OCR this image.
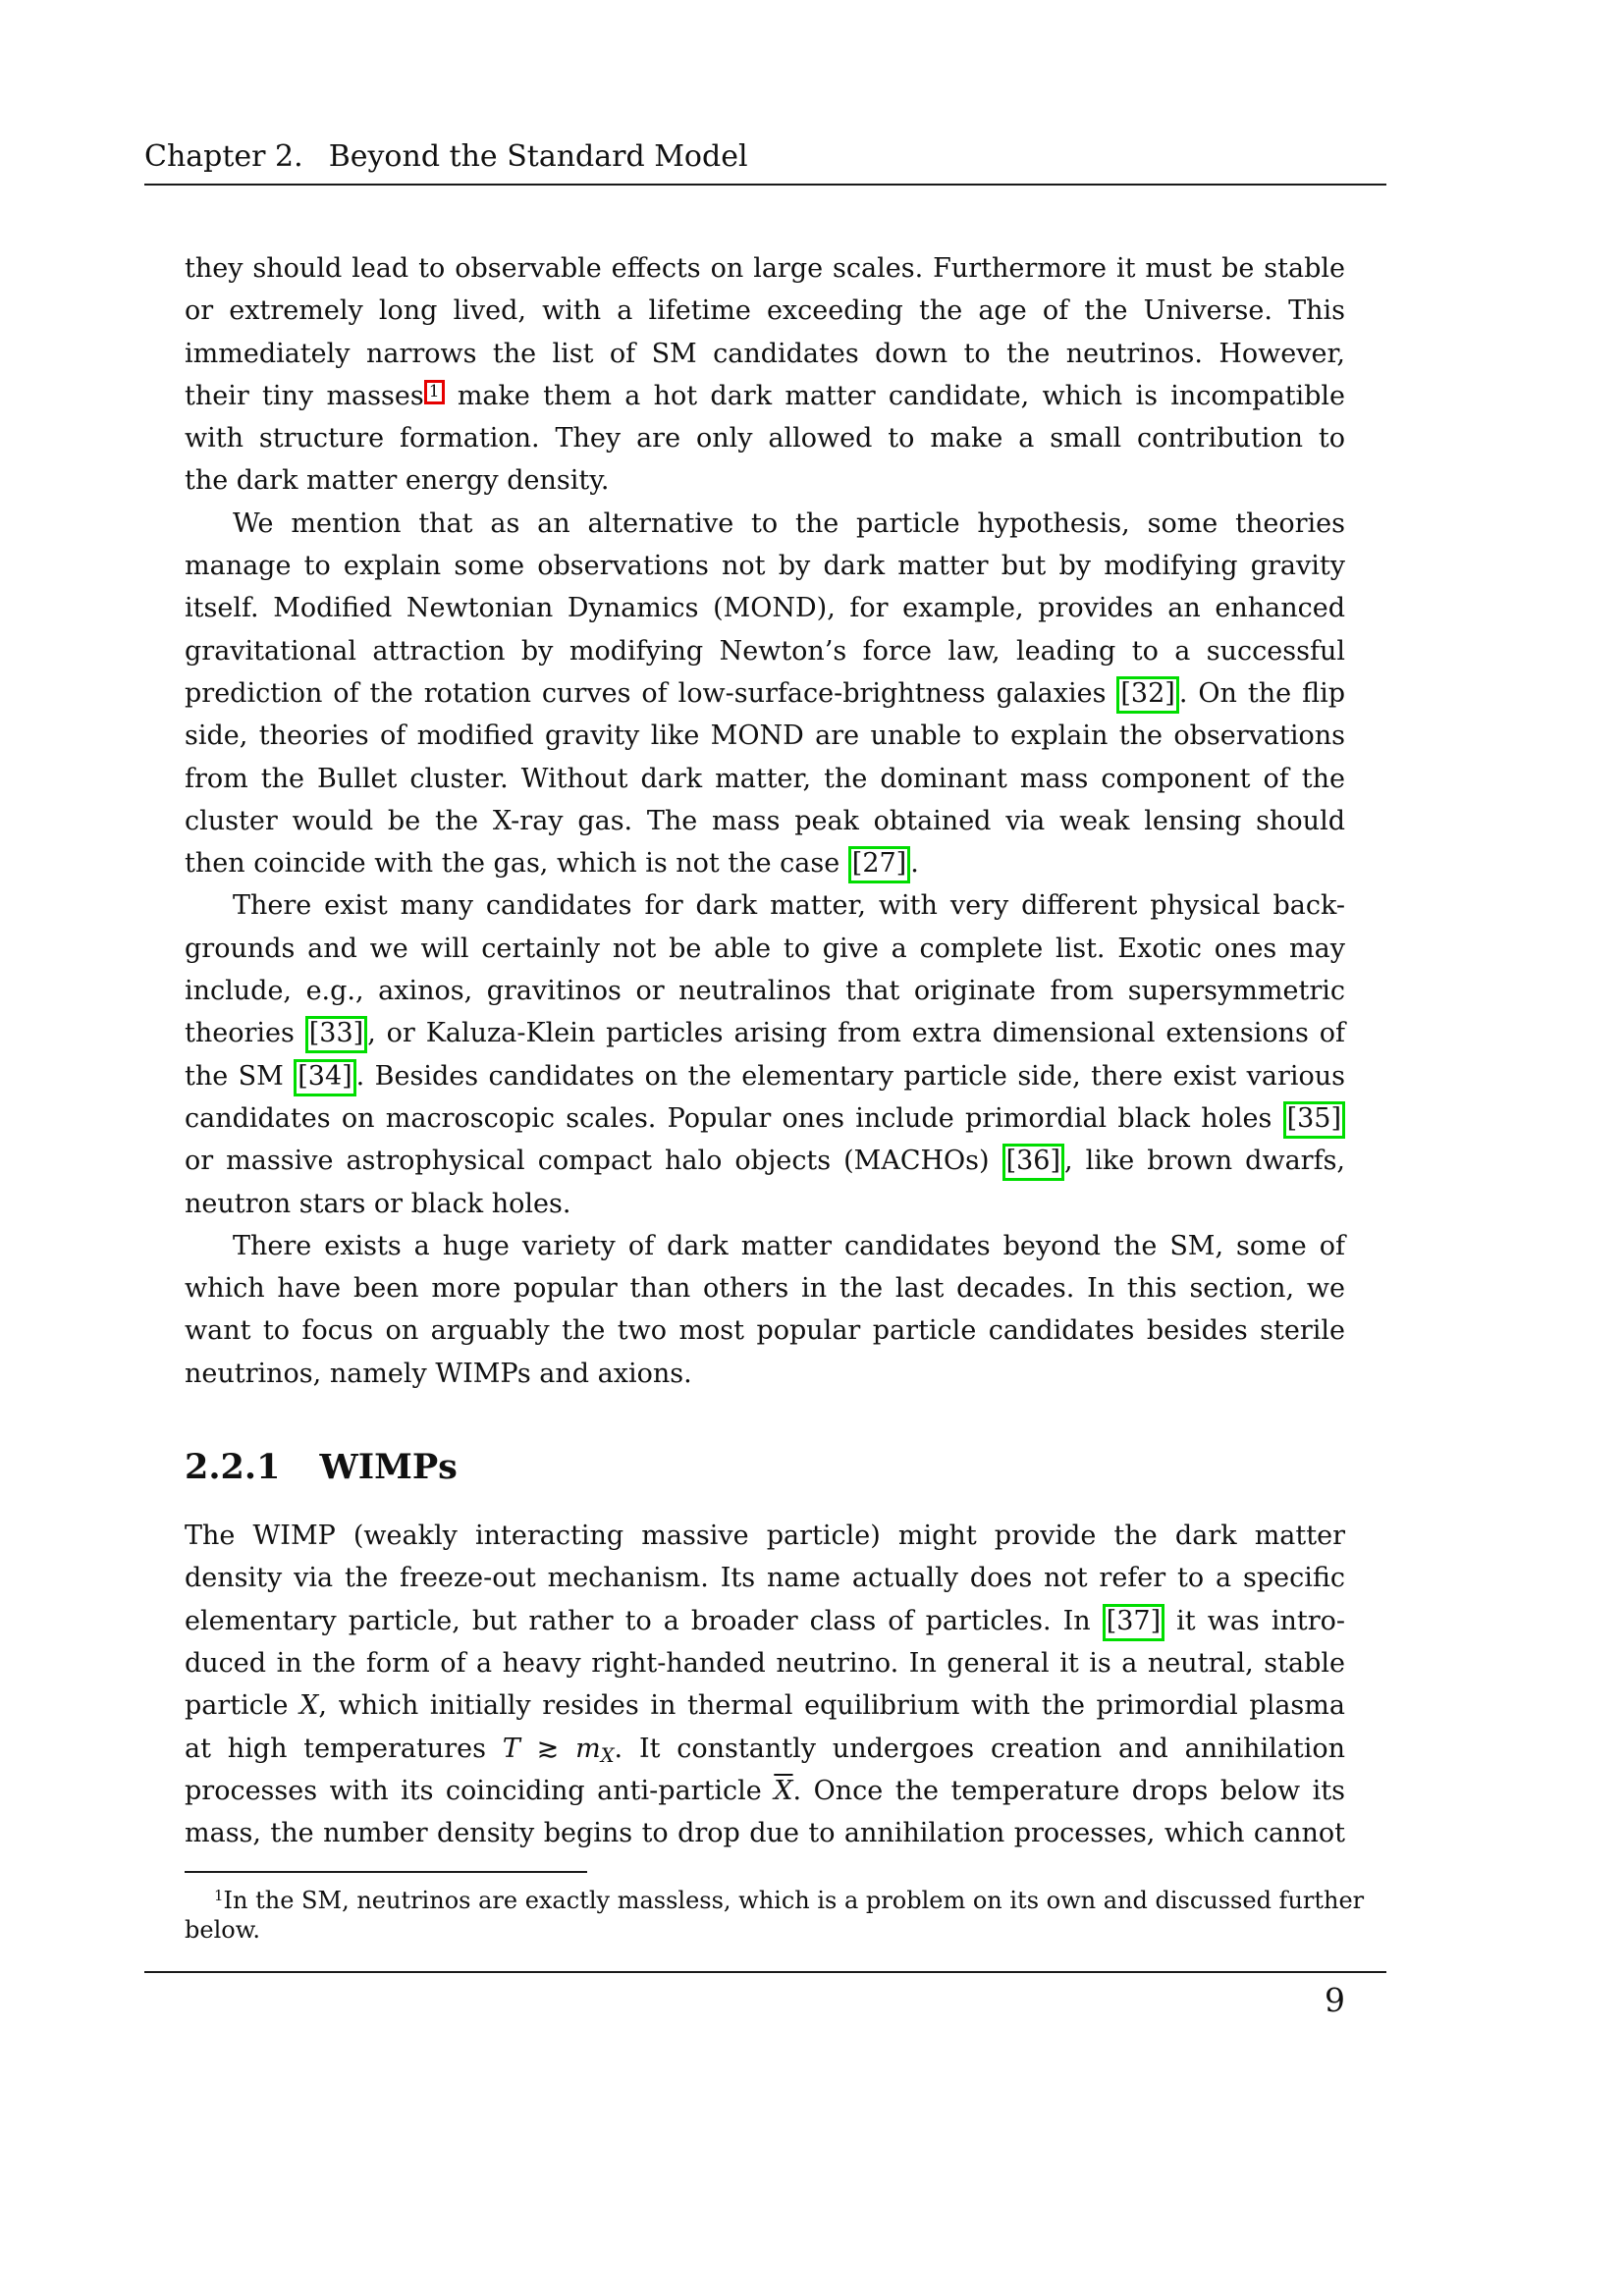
Chapter 2. Beyond the Standard Model
they should lead to observable effects on large scales. Furthermore it must be stable
or extremely long lived, with a lifetime exceeding the age of the Universe. This
immediately narrows the list of SM candidates down to the neutrinos. However,
their tiny masses 1 make them a hot dark matter candidate, which is incompatible
with structure formation. They are only allowed to make a small contribution to
the dark matter energy density.
We mention that as an alternative to the particle hypothesis, some theories
manage to explain some observations not by dark matter but by modifying gravity
itself. Modified Newtonian Dynamics (MOND), for example, provides an enhanced
gravitational attraction by modifying Newton’s force law, leading to a successful
prediction of the rotation curves of low-surface-brightness galaxies [32] . On the flip
side, theories of modified gravity like MOND are unable to explain the observations
from the Bullet cluster. Without dark matter, the dominant mass component of the
cluster would be the X-ray gas. The mass peak obtained via weak lensing should
then coincide with the gas, which is not the case [27] .
There exist many candidates for dark matter, with very different physical back-
grounds and we will certainly not be able to give a complete list. Exotic ones may
include, e.g., axinos, gravitinos or neutralinos that originate from supersymmetric
theories [33] , or Kaluza-Klein particles arising from extra dimensional extensions of
the SM [34] . Besides candidates on the elementary particle side, there exist various
candidates on macroscopic scales. Popular ones include primordial black holes [35]
or massive astrophysical compact halo objects (MACHOs) [36] , like brown dwarfs,
neutron stars or black holes.
There exists a huge variety of dark matter candidates beyond the SM, some of
which have been more popular than others in the last decades. In this section, we
want to focus on arguably the two most popular particle candidates besides sterile
neutrinos, namely WIMPs and axions.
2.2.1 WIMPs
The WIMP (weakly interacting massive particle) might provide the dark matter
density via the freeze-out mechanism. Its name actually does not refer to a specific
elementary particle, but rather to a broader class of particles. In [37] it was intro-
duced in the form of a heavy right-handed neutrino. In general it is a neutral, stable
particle X, which initially resides in thermal equilibrium with the primordial plasma
at high temperatures T ≳ mX. It constantly undergoes creation and annihilation
processes with its coinciding anti-particle $\overline{X}$. Once the temperature drops below its
mass, the number density begins to drop due to annihilation processes, which cannot
$^1$In the SM, neutrinos are exactly massless, which is a problem on its own and discussed further
below.
9
